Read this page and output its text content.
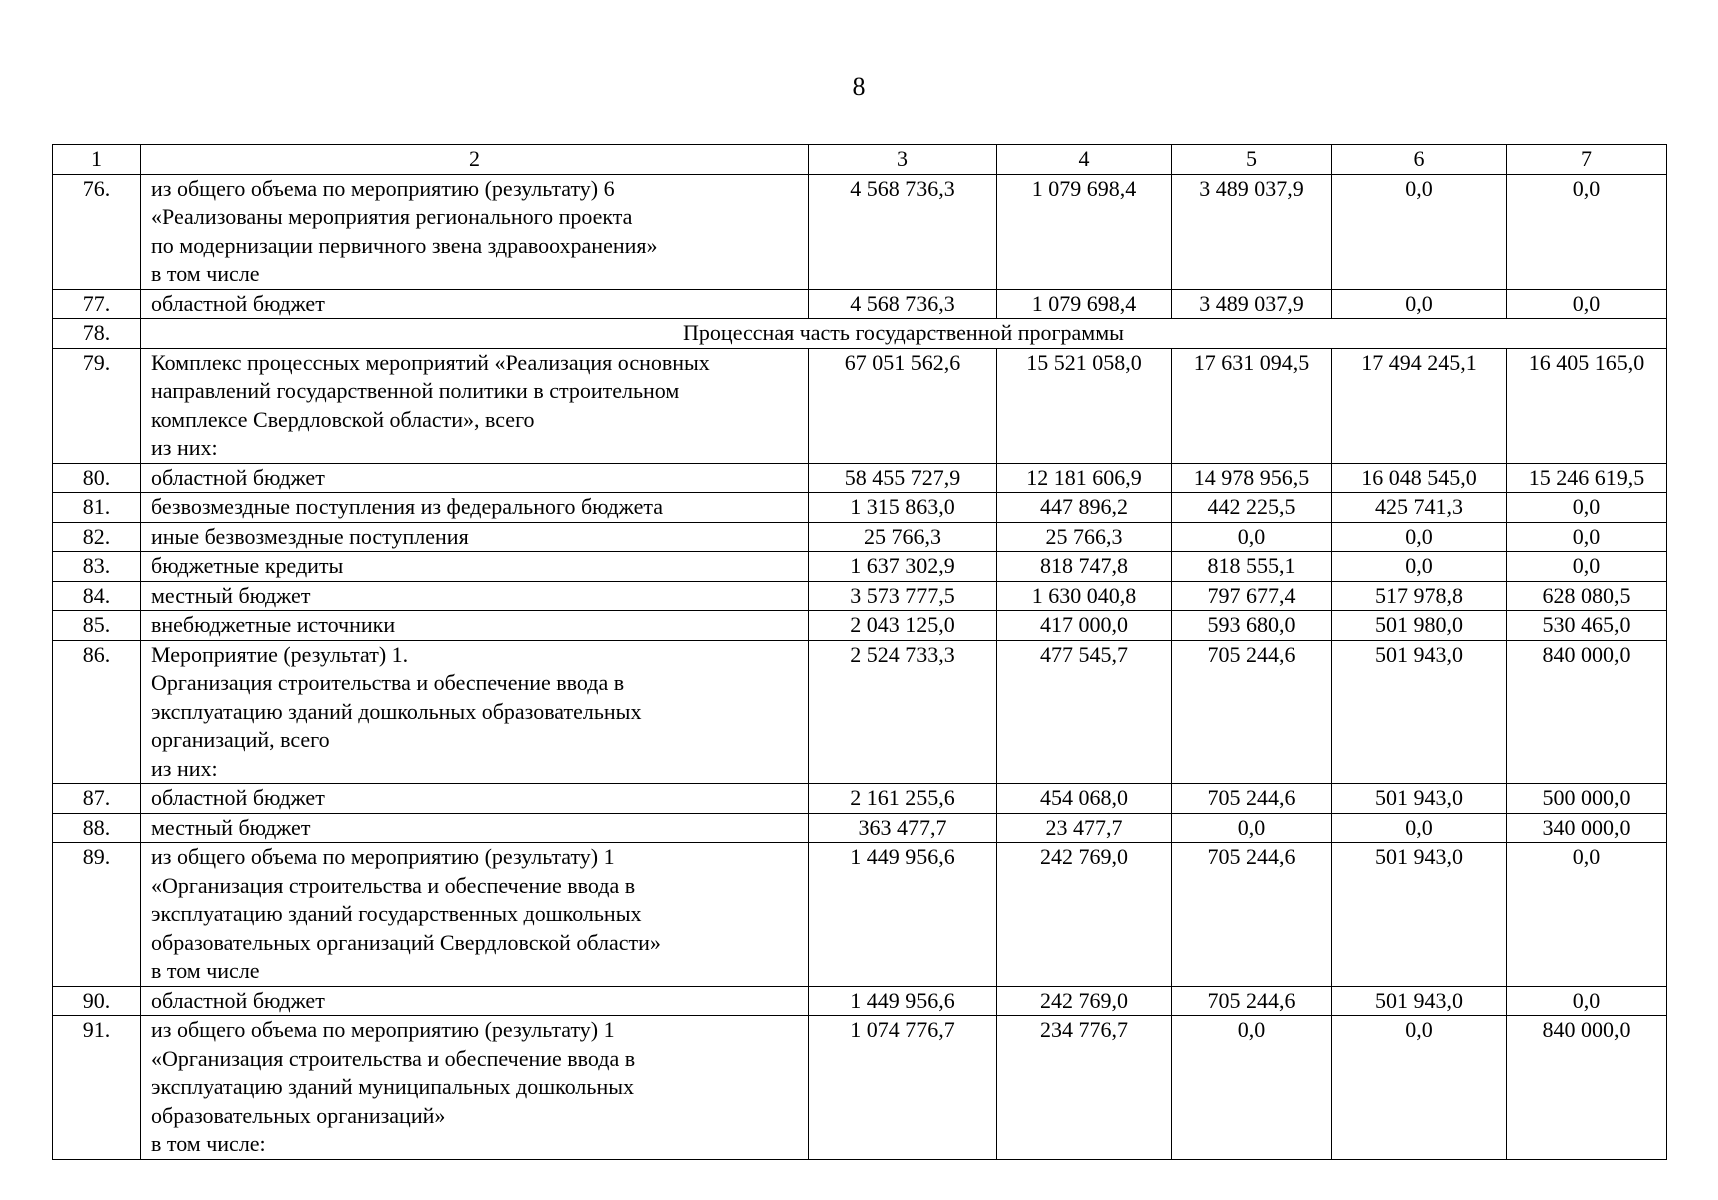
8
1	2	3	4	5	6	7
76.	из общего объема по мероприятию (результату) 6
«Реализованы мероприятия регионального проекта
по модернизации первичного звена здравоохранения»
в том числе	4 568 736,3	1 079 698,4	3 489 037,9	0,0	0,0
77.	областной бюджет	4 568 736,3	1 079 698,4	3 489 037,9	0,0	0,0
78.	Процессная часть государственной программы					
79.	Комплекс процессных мероприятий «Реализация основных
направлений государственной политики в строительном
комплексе Свердловской области», всего
из них:	67 051 562,6	15 521 058,0	17 631 094,5	17 494 245,1	16 405 165,0
80.	областной бюджет	58 455 727,9	12 181 606,9	14 978 956,5	16 048 545,0	15 246 619,5
81.	безвозмездные поступления из федерального бюджета	1 315 863,0	447 896,2	442 225,5	425 741,3	0,0
82.	иные безвозмездные поступления	25 766,3	25 766,3	0,0	0,0	0,0
83.	бюджетные кредиты	1 637 302,9	818 747,8	818 555,1	0,0	0,0
84.	местный бюджет	3 573 777,5	1 630 040,8	797 677,4	517 978,8	628 080,5
85.	внебюджетные источники	2 043 125,0	417 000,0	593 680,0	501 980,0	530 465,0
86.	Мероприятие (результат) 1.
Организация строительства и обеспечение ввода в
эксплуатацию зданий дошкольных образовательных
организаций, всего
из них:	2 524 733,3	477 545,7	705 244,6	501 943,0	840 000,0
87.	областной бюджет	2 161 255,6	454 068,0	705 244,6	501 943,0	500 000,0
88.	местный бюджет	363 477,7	23 477,7	0,0	0,0	340 000,0
89.	из общего объема по мероприятию (результату) 1
«Организация строительства и обеспечение ввода в
эксплуатацию зданий государственных дошкольных
образовательных организаций Свердловской области»
в том числе	1 449 956,6	242 769,0	705 244,6	501 943,0	0,0
90.	областной бюджет	1 449 956,6	242 769,0	705 244,6	501 943,0	0,0
91.	из общего объема по мероприятию (результату) 1
«Организация строительства и обеспечение ввода в
эксплуатацию зданий муниципальных дошкольных
образовательных организаций»
в том числе:	1 074 776,7	234 776,7	0,0	0,0	840 000,0
